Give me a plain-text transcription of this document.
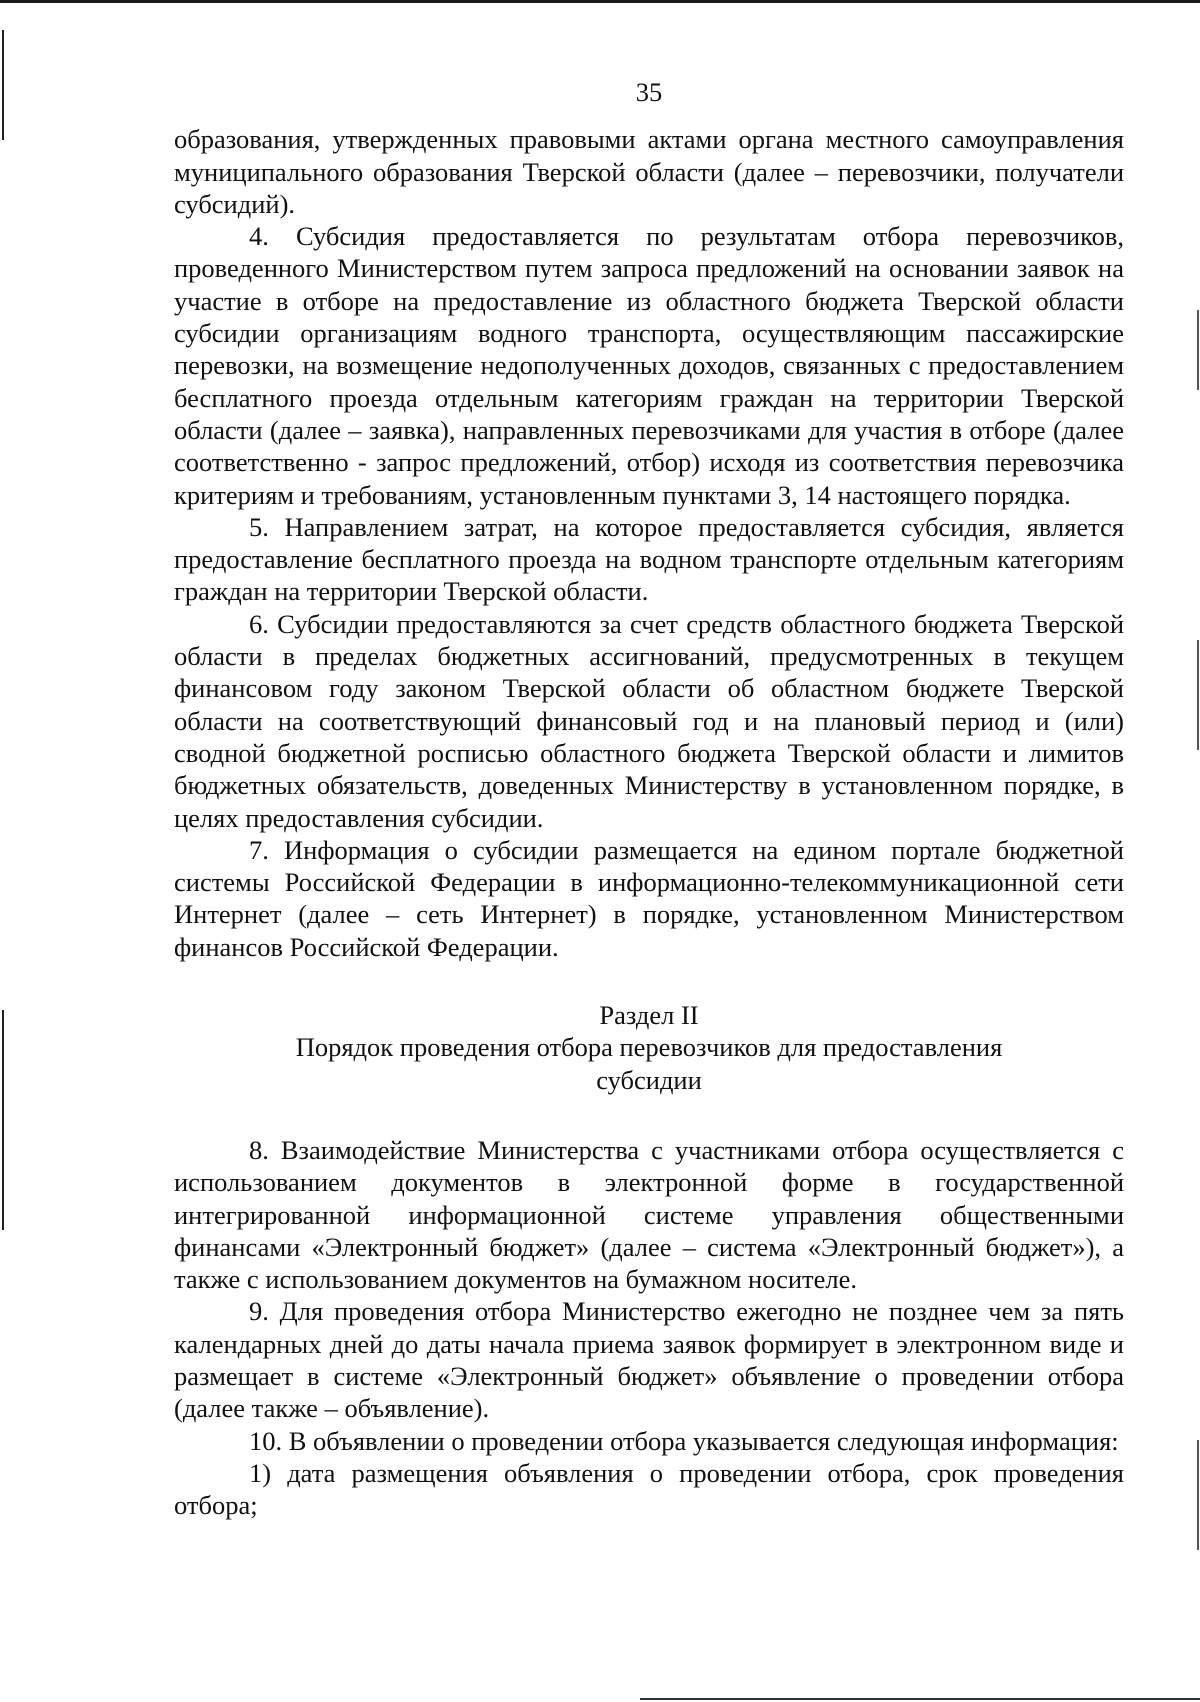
35

образования, утвержденных правовыми актами органа местного самоуправления муниципального образования Тверской области (далее – перевозчики, получатели субсидий).

4. Субсидия предоставляется по результатам отбора перевозчиков, проведенного Министерством путем запроса предложений на основании заявок на участие в отборе на предоставление из областного бюджета Тверской области субсидии организациям водного транспорта, осуществляющим пассажирские перевозки, на возмещение недополученных доходов, связанных с предоставлением бесплатного проезда отдельным категориям граждан на территории Тверской области (далее – заявка), направленных перевозчиками для участия в отборе (далее соответственно - запрос предложений, отбор) исходя из соответствия перевозчика критериям и требованиям, установленным пунктами 3, 14 настоящего порядка.

5. Направлением затрат, на которое предоставляется субсидия, является предоставление бесплатного проезда на водном транспорте отдельным категориям граждан на территории Тверской области.

6. Субсидии предоставляются за счет средств областного бюджета Тверской области в пределах бюджетных ассигнований, предусмотренных в текущем финансовом году законом Тверской области об областном бюджете Тверской области на соответствующий финансовый год и на плановый период и (или) сводной бюджетной росписью областного бюджета Тверской области и лимитов бюджетных обязательств, доведенных Министерству в установленном порядке, в целях предоставления субсидии.

7. Информация о субсидии размещается на едином портале бюджетной системы Российской Федерации в информационно-телекоммуникационной сети Интернет (далее – сеть Интернет) в порядке, установленном Министерством финансов Российской Федерации.

Раздел II

Порядок проведения отбора перевозчиков для предоставления субсидии

8. Взаимодействие Министерства с участниками отбора осуществляется с использованием документов в электронной форме в государственной интегрированной информационной системе управления общественными финансами «Электронный бюджет» (далее – система «Электронный бюджет»), а также с использованием документов на бумажном носителе.

9. Для проведения отбора Министерство ежегодно не позднее чем за пять календарных дней до даты начала приема заявок формирует в электронном виде и размещает в системе «Электронный бюджет» объявление о проведении отбора (далее также – объявление).

10. В объявлении о проведении отбора указывается следующая информация:

1) дата размещения объявления о проведении отбора, срок проведения отбора;
